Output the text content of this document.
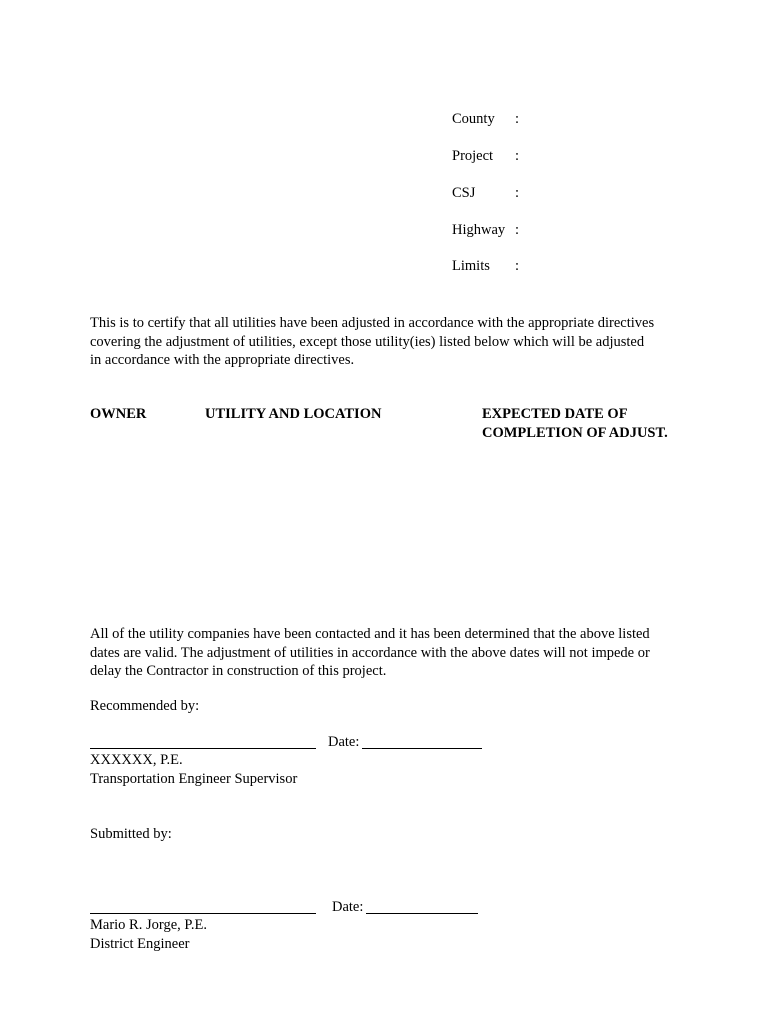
County :
Project :
CSJ	:
Highway :
Limits :
This is to certify that all utilities have been adjusted in accordance with the appropriate directives
covering the adjustment of utilities, except those utility(ies) listed below which will be adjusted
in accordance with the appropriate directives.
OWNER	UTILITY AND LOCATION	EXPECTED DATE OF
COMPLETION OF ADJUST.
All of the utility companies have been contacted and it has been determined that the above listed
dates are valid. The adjustment of utilities in accordance with the above dates will not impede or
delay the Contractor in construction of this project.
Recommended by:
Date:
XXXXXX, P.E.
Transportation Engineer Supervisor
Submitted by:
Date:
Mario R. Jorge, P.E.
District Engineer
